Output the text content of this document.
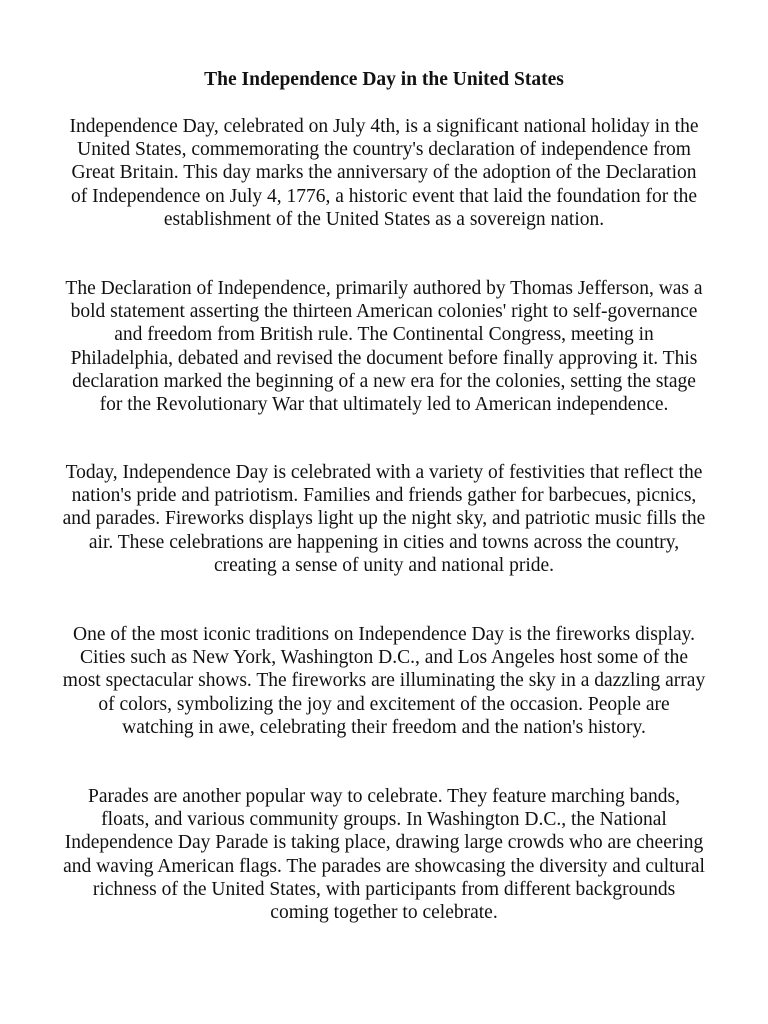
The Independence Day in the United States

Independence Day, celebrated on July 4th, is a significant national holiday in the United States, commemorating the country's declaration of independence from Great Britain. This day marks the anniversary of the adoption of the Declaration of Independence on July 4, 1776, a historic event that laid the foundation for the establishment of the United States as a sovereign nation.

The Declaration of Independence, primarily authored by Thomas Jefferson, was a bold statement asserting the thirteen American colonies' right to self-governance and freedom from British rule. The Continental Congress, meeting in Philadelphia, debated and revised the document before finally approving it. This declaration marked the beginning of a new era for the colonies, setting the stage for the Revolutionary War that ultimately led to American independence.

Today, Independence Day is celebrated with a variety of festivities that reflect the nation's pride and patriotism. Families and friends gather for barbecues, picnics, and parades. Fireworks displays light up the night sky, and patriotic music fills the air. These celebrations are happening in cities and towns across the country, creating a sense of unity and national pride.

One of the most iconic traditions on Independence Day is the fireworks display. Cities such as New York, Washington D.C., and Los Angeles host some of the most spectacular shows. The fireworks are illuminating the sky in a dazzling array of colors, symbolizing the joy and excitement of the occasion. People are watching in awe, celebrating their freedom and the nation's history.

Parades are another popular way to celebrate. They feature marching bands, floats, and various community groups. In Washington D.C., the National Independence Day Parade is taking place, drawing large crowds who are cheering and waving American flags. The parades are showcasing the diversity and cultural richness of the United States, with participants from different backgrounds coming together to celebrate.
